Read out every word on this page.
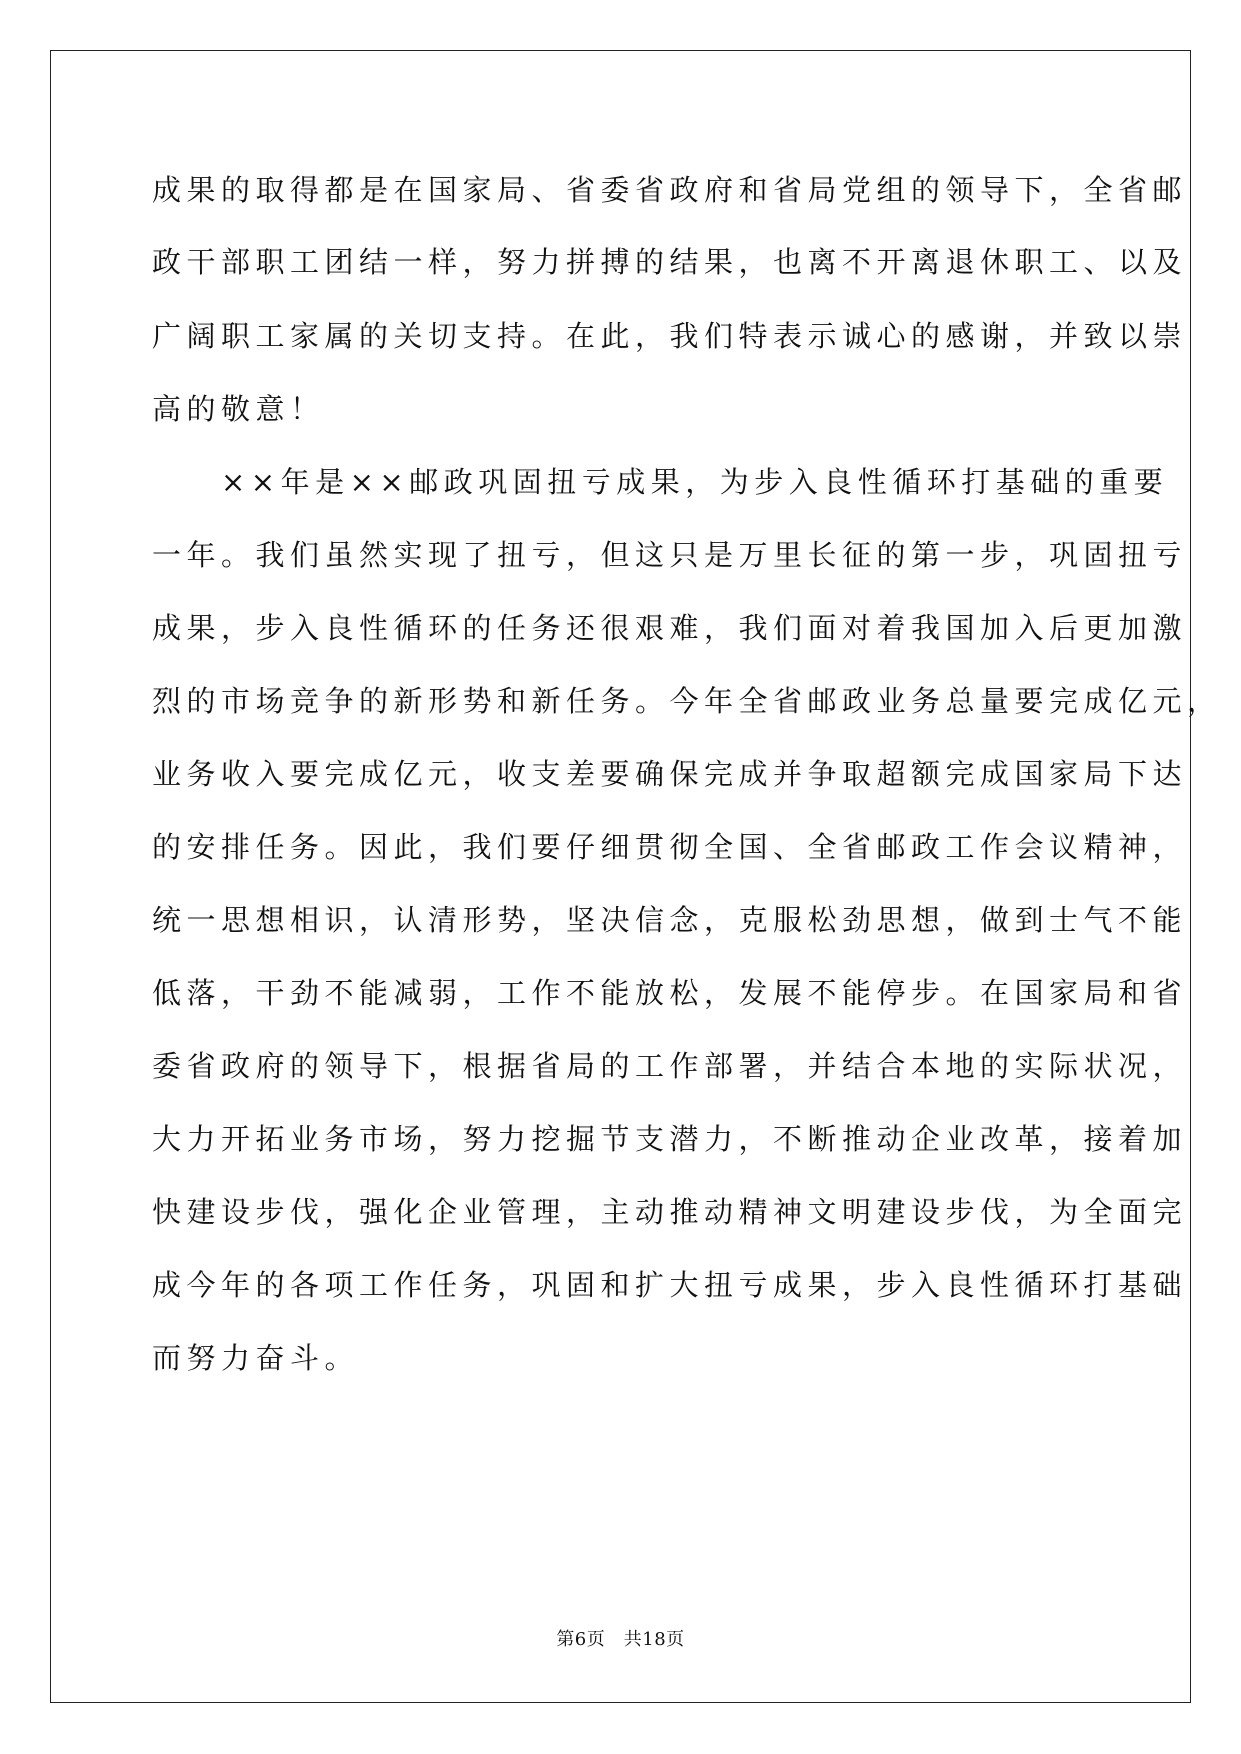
成果的取得都是在国家局、省委省政府和省局党组的领导下，全省邮
政干部职工团结一样，努力拼搏的结果，也离不开离退休职工、以及
广阔职工家属的关切支持。在此，我们特表示诚心的感谢，并致以崇
高的敬意！
　　××年是××邮政巩固扭亏成果，为步入良性循环打基础的重要
一年。我们虽然实现了扭亏，但这只是万里长征的第一步，巩固扭亏
成果，步入良性循环的任务还很艰难，我们面对着我国加入后更加激
烈的市场竞争的新形势和新任务。今年全省邮政业务总量要完成亿元，
业务收入要完成亿元，收支差要确保完成并争取超额完成国家局下达
的安排任务。因此，我们要仔细贯彻全国、全省邮政工作会议精神，
统一思想相识，认清形势，坚决信念，克服松劲思想，做到士气不能
低落，干劲不能减弱，工作不能放松，发展不能停步。在国家局和省
委省政府的领导下，根据省局的工作部署，并结合本地的实际状况，
大力开拓业务市场，努力挖掘节支潜力，不断推动企业改革，接着加
快建设步伐，强化企业管理，主动推动精神文明建设步伐，为全面完
成今年的各项工作任务，巩固和扩大扭亏成果，步入良性循环打基础
而努力奋斗。
第6页　共18页
